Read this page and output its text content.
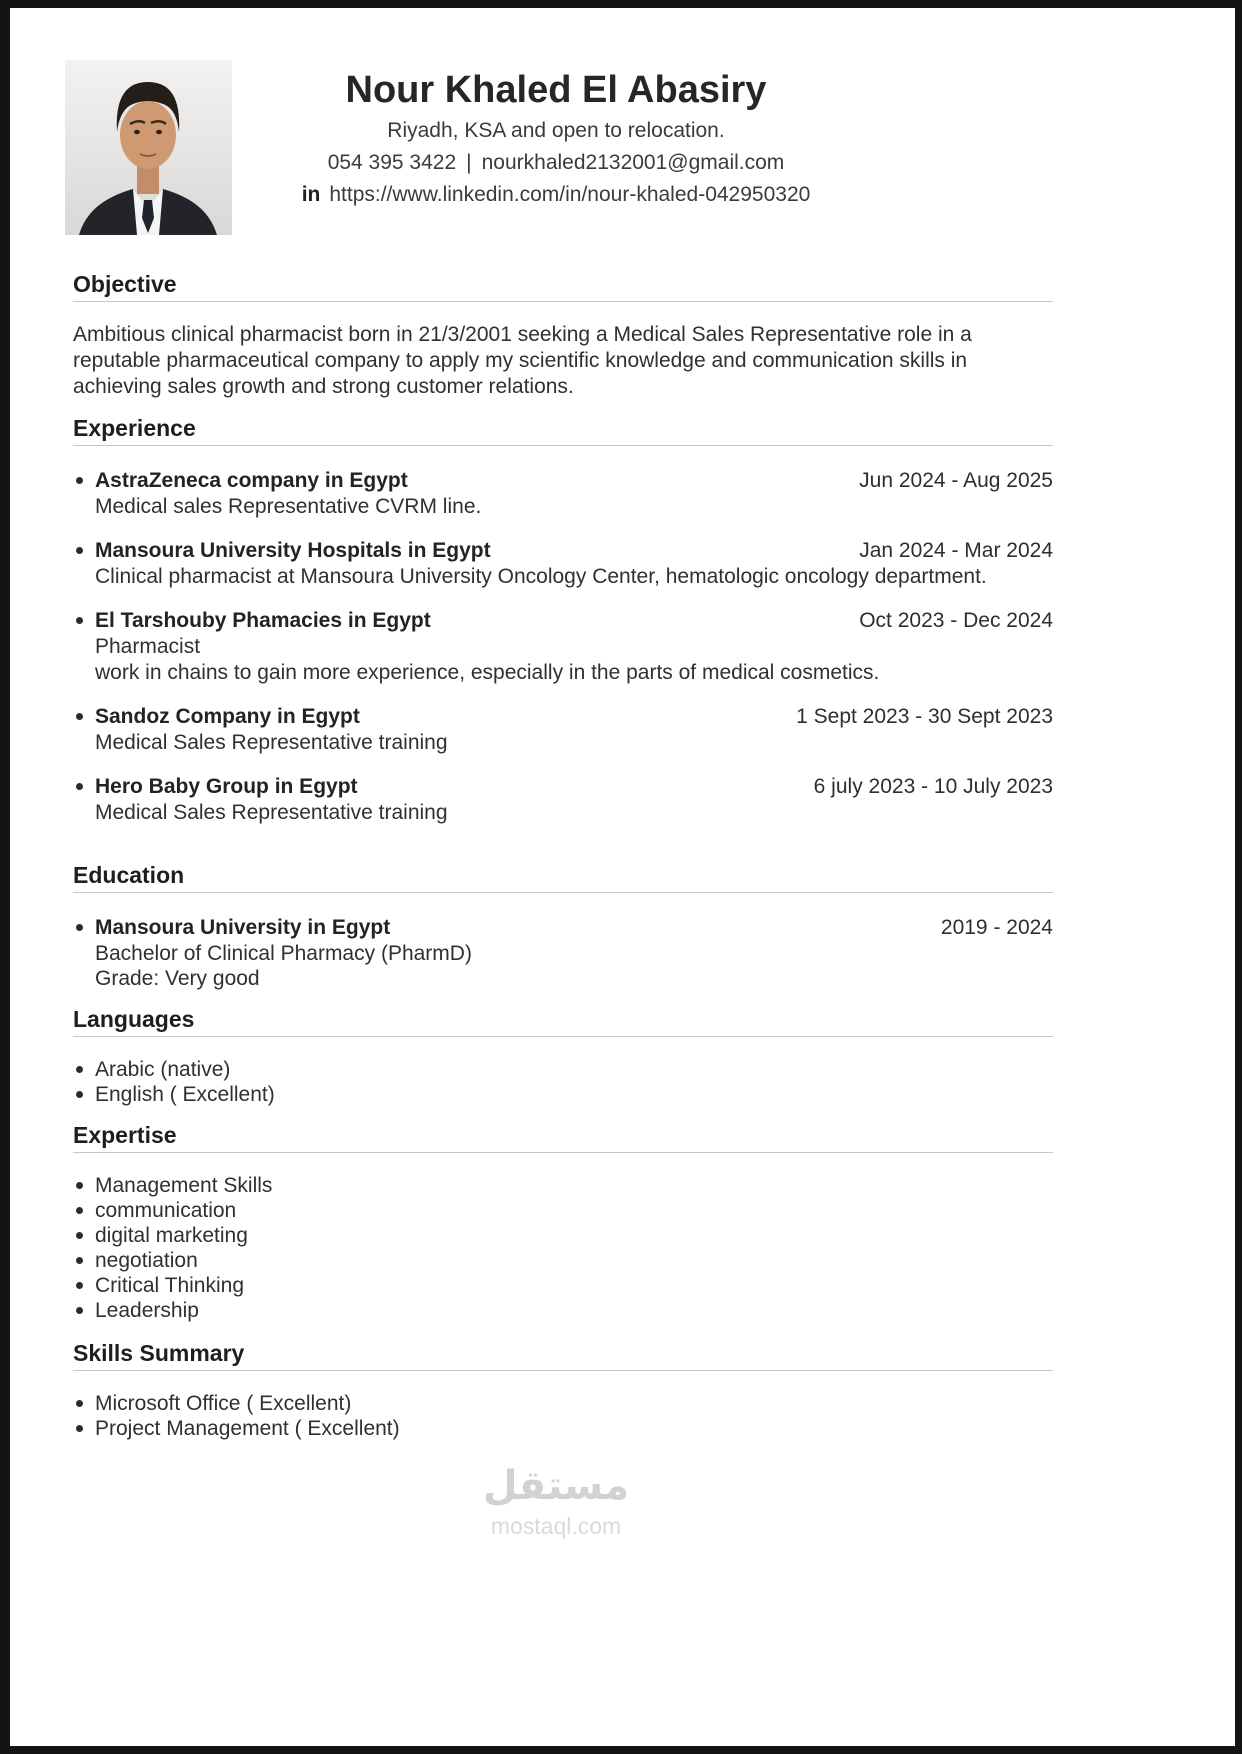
Nour Khaled El Abasiry
Riyadh, KSA and open to relocation.
054 395 3422 | nourkhaled2132001@gmail.com
in https://www.linkedin.com/in/nour-khaled-042950320
Objective
Ambitious clinical pharmacist born in 21/3/2001 seeking a Medical Sales Representative role in a reputable pharmaceutical company to apply my scientific knowledge and communication skills in achieving sales growth and strong customer relations.
Experience
AstraZeneca company in Egypt
Medical sales Representative CVRM line.
Jun 2024 - Aug 2025
Mansoura University Hospitals in Egypt
Clinical pharmacist at Mansoura University Oncology Center, hematologic oncology department.
Jan 2024 - Mar 2024
El Tarshouby Phamacies in Egypt
Pharmacist
work in chains to gain more experience, especially in the parts of medical cosmetics.
Oct 2023 - Dec 2024
Sandoz Company in Egypt
Medical Sales Representative training
1 Sept 2023 - 30 Sept 2023
Hero Baby Group in Egypt
Medical Sales Representative training
6 july 2023 - 10 July 2023
Education
Mansoura University in Egypt
Bachelor of Clinical Pharmacy (PharmD)
Grade: Very good
2019 - 2024
Languages
Arabic (native)
English ( Excellent)
Expertise
Management Skills
communication
digital marketing
negotiation
Critical Thinking
Leadership
Skills Summary
Microsoft Office ( Excellent)
Project Management ( Excellent)
مستقل
mostaql.com
